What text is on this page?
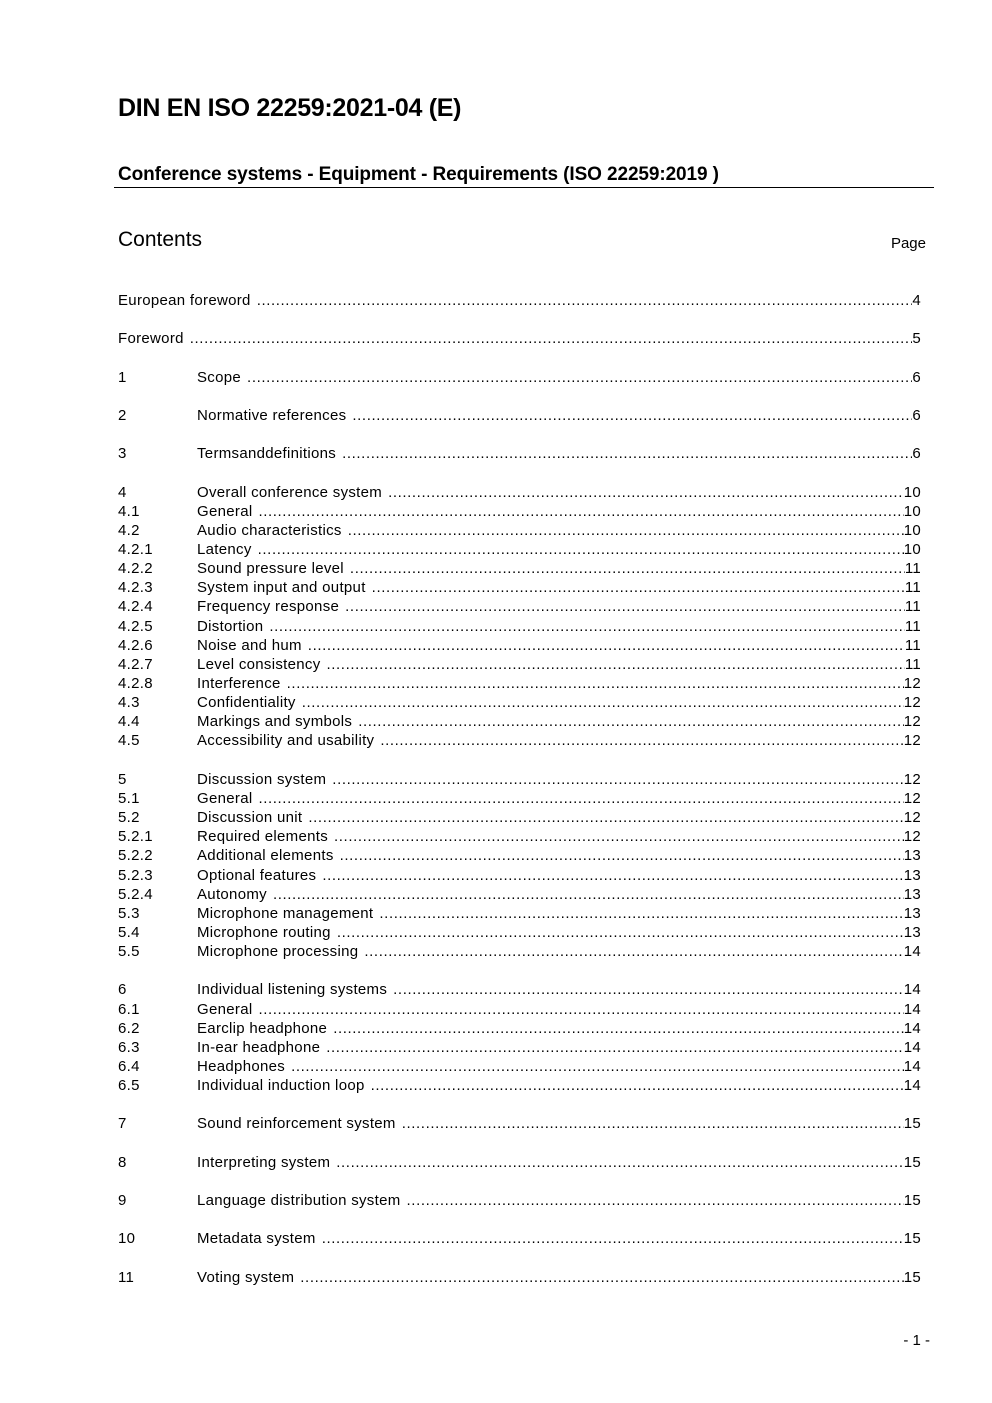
DIN EN ISO 22259:2021-04 (E)
Conference systems - Equipment - Requirements (ISO 22259:2019 )
Contents	Page
European foreword .....	4
Foreword .....	5
1	Scope .....	6
2	Normative references .....	6
3	Termsanddefinitions .....	6
4	Overall conference system .....	10
4.1	General .....	10
4.2	Audio characteristics .....	10
4.2.1	Latency .....	10
4.2.2	Sound pressure level .....	11
4.2.3	System input and output .....	11
4.2.4	Frequency response .....	11
4.2.5	Distortion .....	11
4.2.6	Noise and hum .....	11
4.2.7	Level consistency .....	11
4.2.8	Interference .....	12
4.3	Confidentiality .....	12
4.4	Markings and symbols .....	12
4.5	Accessibility and usability .....	12
5	Discussion system .....	12
5.1	General .....	12
5.2	Discussion unit .....	12
5.2.1	Required elements .....	12
5.2.2	Additional elements .....	13
5.2.3	Optional features .....	13
5.2.4	Autonomy .....	13
5.3	Microphone management .....	13
5.4	Microphone routing .....	13
5.5	Microphone processing .....	14
6	Individual listening systems .....	14
6.1	General .....	14
6.2	Earclip headphone .....	14
6.3	In-ear headphone .....	14
6.4	Headphones .....	14
6.5	Individual induction loop .....	14
7	Sound reinforcement system .....	15
8	Interpreting system .....	15
9	Language distribution system .....	15
10	Metadata system .....	15
11	Voting system .....	15
- 1 -
